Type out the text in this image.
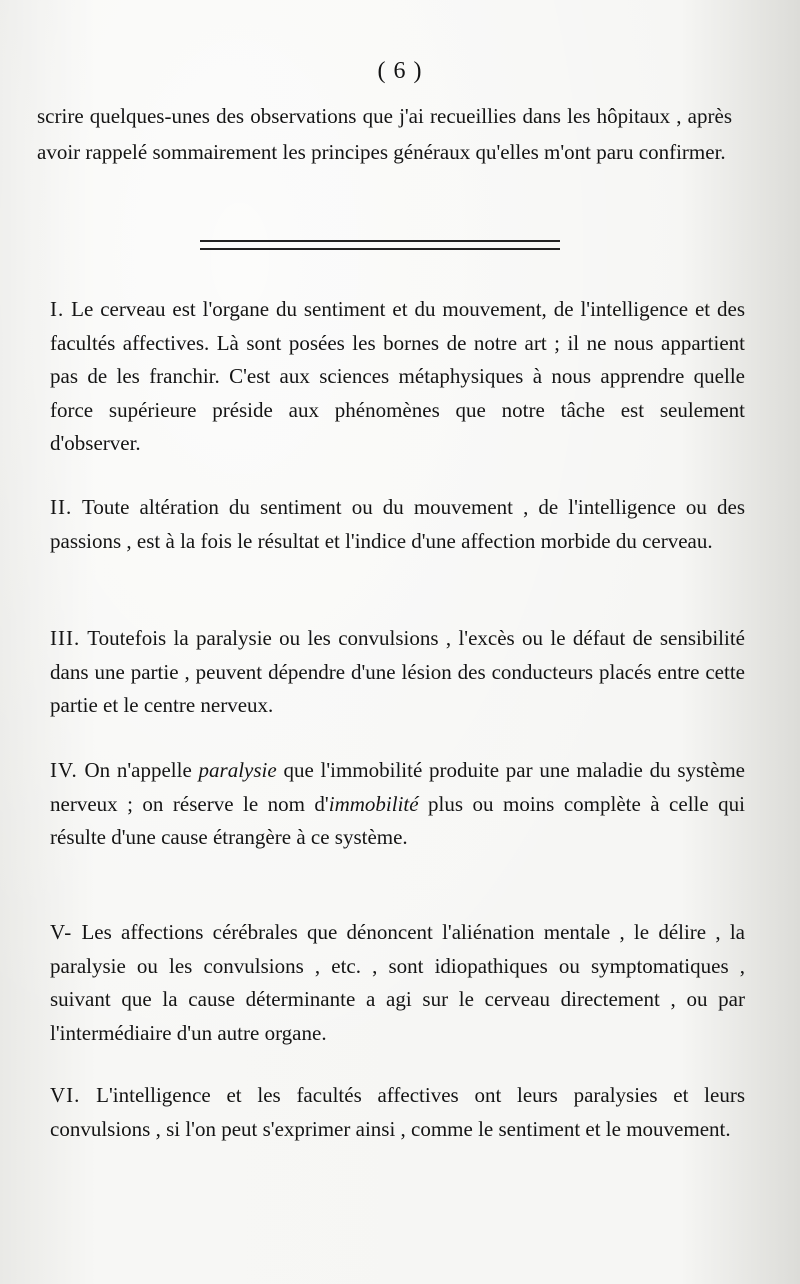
( 6 )

scrire quelques-unes des observations que j'ai recueillies dans les hôpitaux , après avoir rappelé sommairement les principes généraux qu'elles m'ont paru confirmer.

I. Le cerveau est l'organe du sentiment et du mouvement, de l'intelligence et des facultés affectives. Là sont posées les bornes de notre art ; il ne nous appartient pas de les franchir. C'est aux sciences métaphysiques à nous apprendre quelle force supérieure préside aux phénomènes que notre tâche est seulement d'observer.

II. Toute altération du sentiment ou du mouvement , de l'intelligence ou des passions , est à la fois le résultat et l'indice d'une affection morbide du cerveau.

III. Toutefois la paralysie ou les convulsions , l'excès ou le défaut de sensibilité dans une partie , peuvent dépendre d'une lésion des conducteurs placés entre cette partie et le centre nerveux.

IV. On n'appelle paralysie que l'immobilité produite par une maladie du système nerveux ; on réserve le nom d'immobilité plus ou moins complète à celle qui résulte d'une cause étrangère à ce système.

V- Les affections cérébrales que dénoncent l'aliénation mentale , le délire , la paralysie ou les convulsions , etc. , sont idiopathiques ou symptomatiques , suivant que la cause déterminante a agi sur le cerveau directement , ou par l'intermédiaire d'un autre organe.

VI. L'intelligence et les facultés affectives ont leurs paralysies et leurs convulsions , si l'on peut s'exprimer ainsi , comme le sentiment et le mouvement.
